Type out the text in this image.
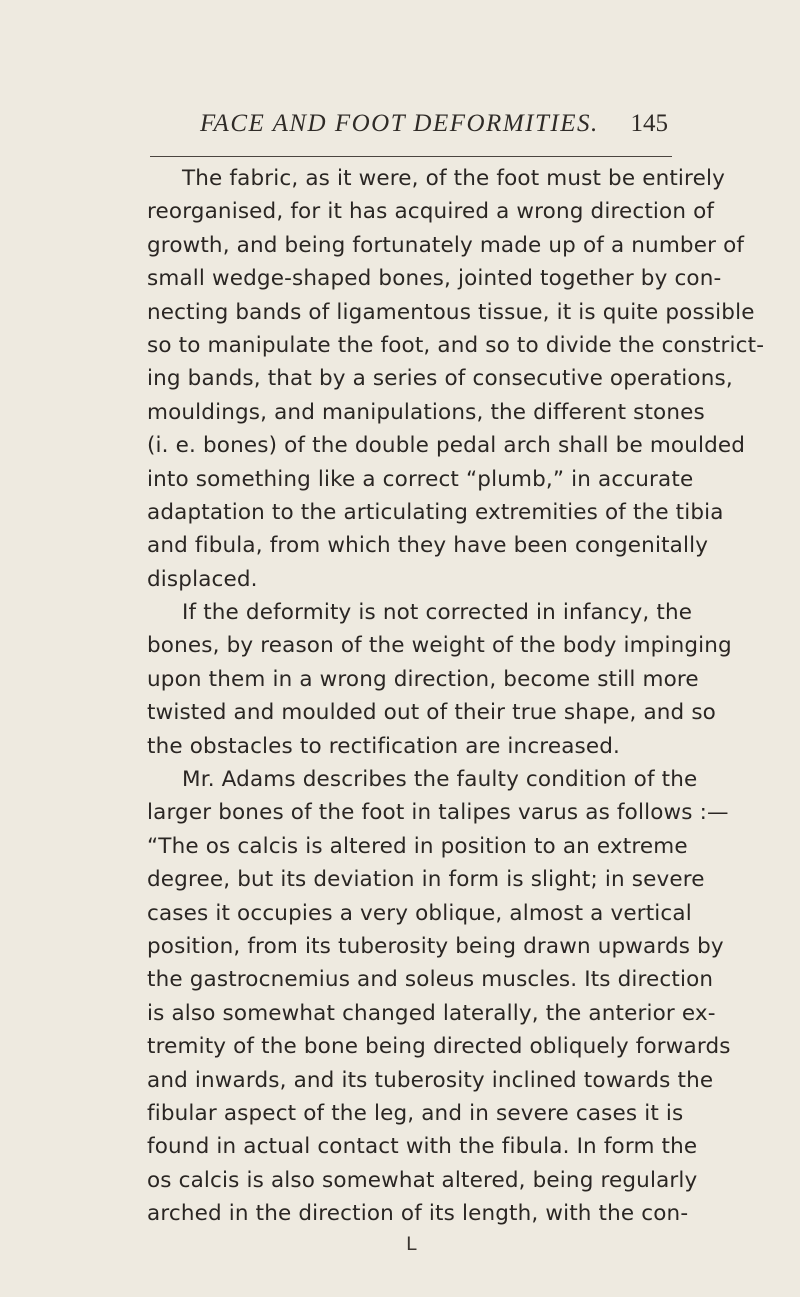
FACE AND FOOT DEFORMITIES. 145
The fabric, as it were, of the foot must be entirely
reorganised, for it has acquired a wrong direction of
growth, and being fortunately made up of a number of
small wedge-shaped bones, jointed together by con-
necting bands of ligamentous tissue, it is quite possible
so to manipulate the foot, and so to divide the constrict-
ing bands, that by a series of consecutive operations,
mouldings, and manipulations, the different stones
(i. e. bones) of the double pedal arch shall be moulded
into something like a correct “plumb,” in accurate
adaptation to the articulating extremities of the tibia
and fibula, from which they have been congenitally
displaced.
If the deformity is not corrected in infancy, the
bones, by reason of the weight of the body impinging
upon them in a wrong direction, become still more
twisted and moulded out of their true shape, and so
the obstacles to rectification are increased.
Mr. Adams describes the faulty condition of the
larger bones of the foot in talipes varus as follows :—
“The os calcis is altered in position to an extreme
degree, but its deviation in form is slight; in severe
cases it occupies a very oblique, almost a vertical
position, from its tuberosity being drawn upwards by
the gastrocnemius and soleus muscles. Its direction
is also somewhat changed laterally, the anterior ex-
tremity of the bone being directed obliquely forwards
and inwards, and its tuberosity inclined towards the
fibular aspect of the leg, and in severe cases it is
found in actual contact with the fibula. In form the
os calcis is also somewhat altered, being regularly
arched in the direction of its length, with the con-
L
